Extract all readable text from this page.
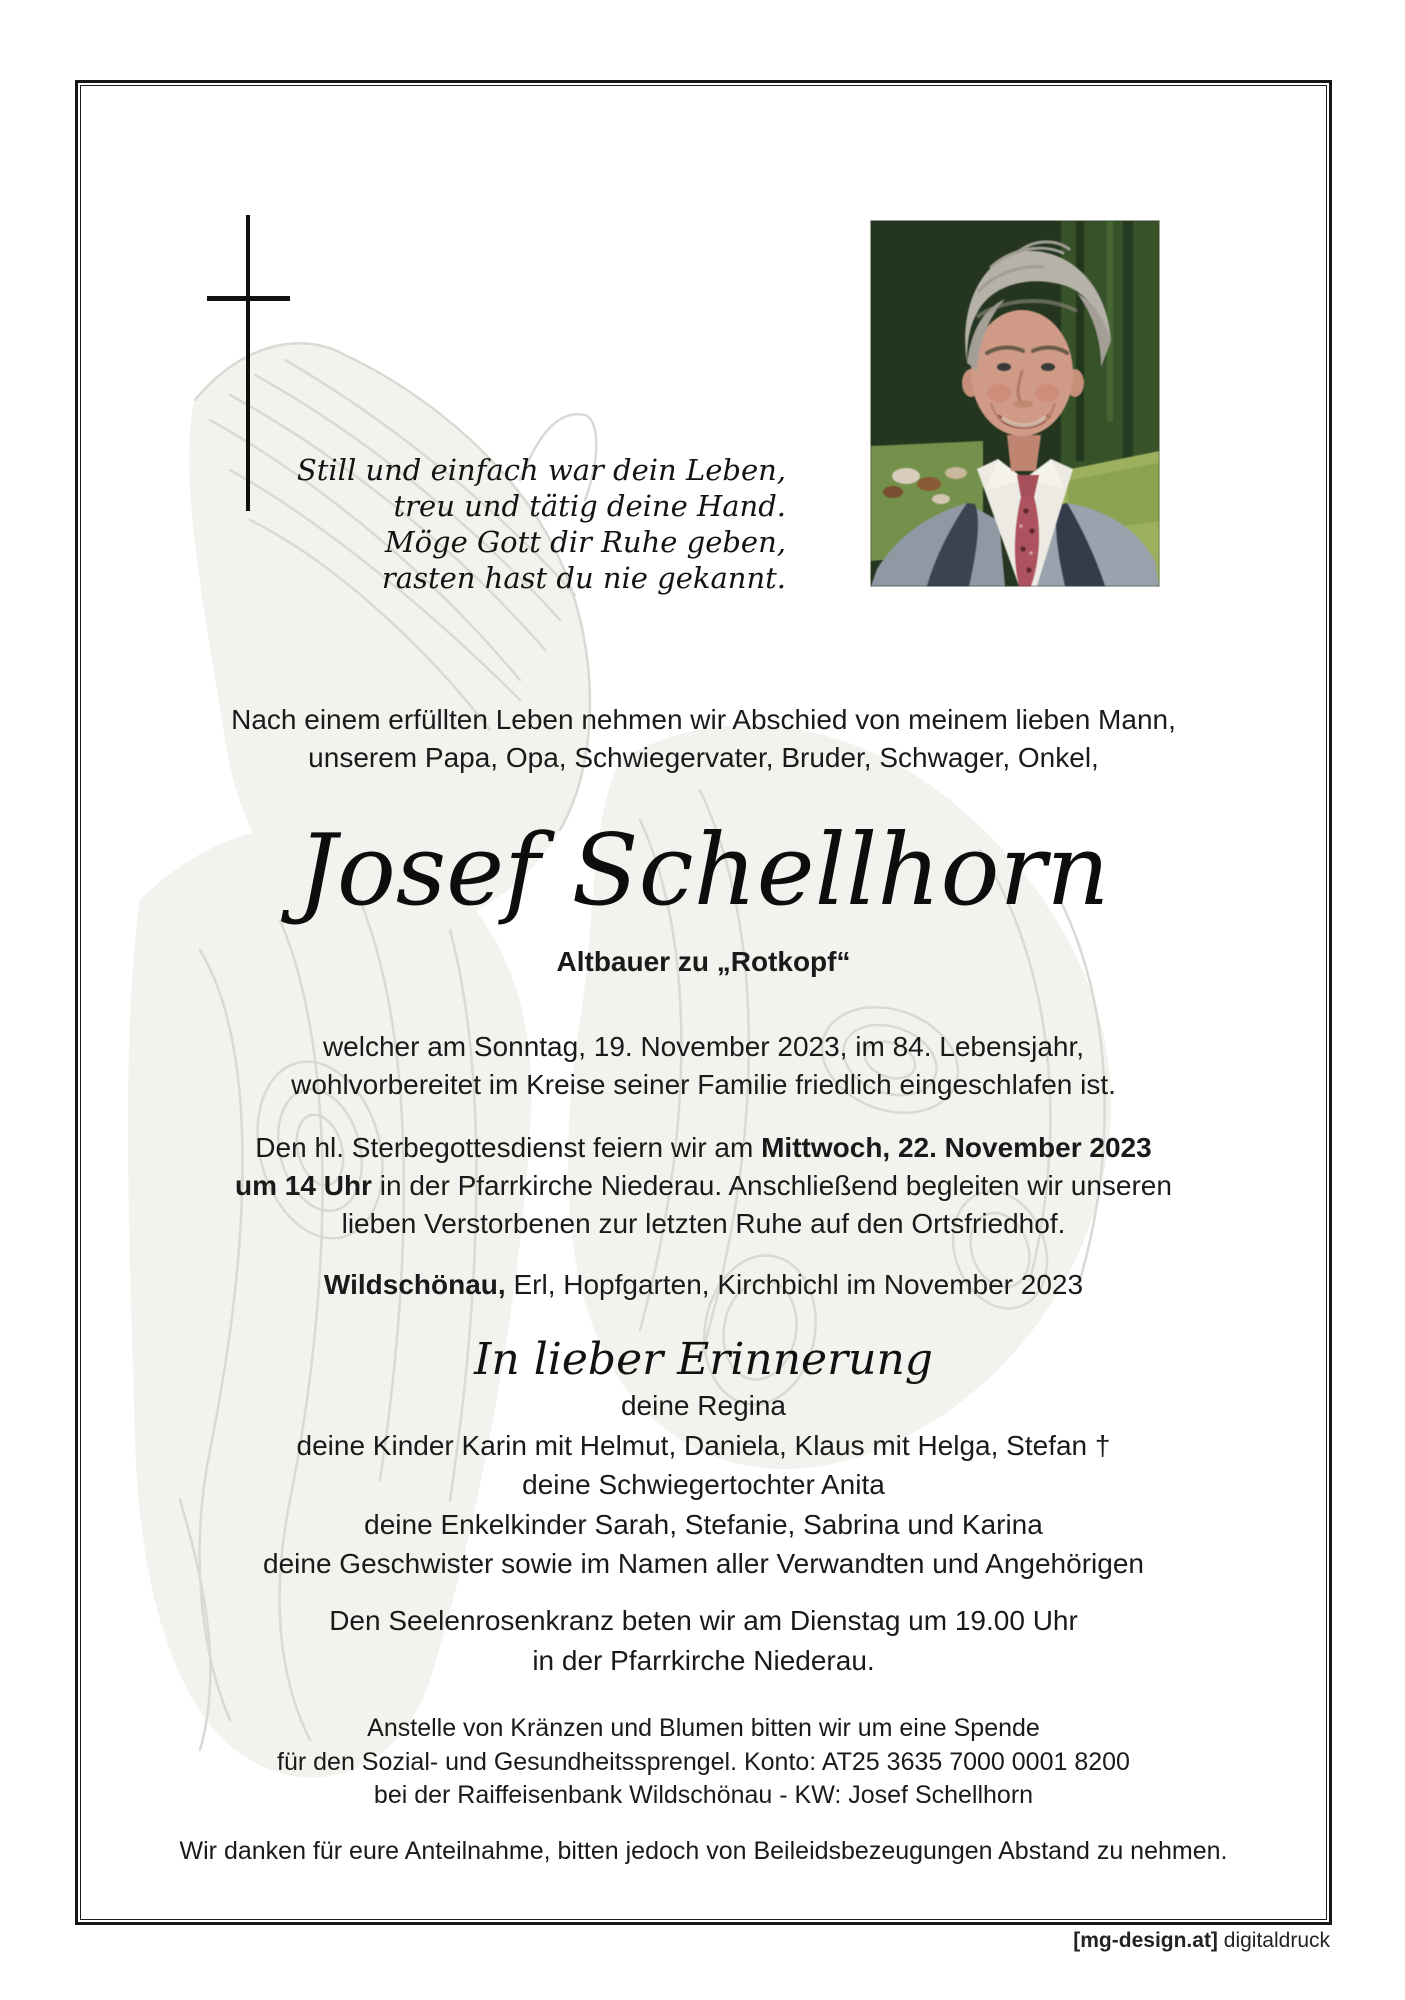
Still und einfach war dein Leben,
treu und tätig deine Hand.
Möge Gott dir Ruhe geben,
rasten hast du nie gekannt.
Nach einem erfüllten Leben nehmen wir Abschied von meinem lieben Mann,
unserem Papa, Opa, Schwiegervater, Bruder, Schwager, Onkel,
Josef Schellhorn
Altbauer zu „Rotkopf“
welcher am Sonntag, 19. November 2023, im 84. Lebensjahr,
wohlvorbereitet im Kreise seiner Familie friedlich eingeschlafen ist.
Den hl. Sterbegottesdienst feiern wir am Mittwoch, 22. November 2023
um 14 Uhr in der Pfarrkirche Niederau. Anschließend begleiten wir unseren
lieben Verstorbenen zur letzten Ruhe auf den Ortsfriedhof.
Wildschönau, Erl, Hopfgarten, Kirchbichl im November 2023
In lieber Erinnerung
deine Regina
deine Kinder Karin mit Helmut, Daniela, Klaus mit Helga, Stefan †
deine Schwiegertochter Anita
deine Enkelkinder Sarah, Stefanie, Sabrina und Karina
deine Geschwister sowie im Namen aller Verwandten und Angehörigen
Den Seelenrosenkranz beten wir am Dienstag um 19.00 Uhr
in der Pfarrkirche Niederau.
Anstelle von Kränzen und Blumen bitten wir um eine Spende
für den Sozial- und Gesundheitssprengel. Konto: AT25 3635 7000 0001 8200
bei der Raiffeisenbank Wildschönau - KW: Josef Schellhorn
Wir danken für eure Anteilnahme, bitten jedoch von Beileidsbezeugungen Abstand zu nehmen.
[mg-design.at] digitaldruck
